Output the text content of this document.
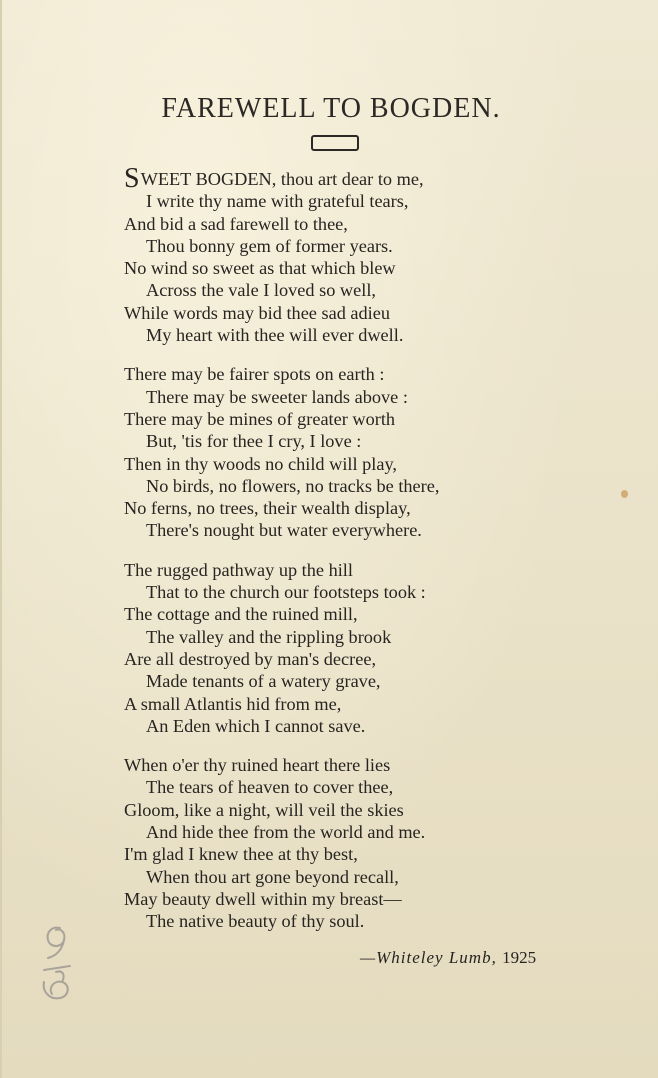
FAREWELL TO BOGDEN.
SWEET BOGDEN, thou art dear to me,
I write thy name with grateful tears,
And bid a sad farewell to thee,
Thou bonny gem of former years.
No wind so sweet as that which blew
Across the vale I loved so well,
While words may bid thee sad adieu
My heart with thee will ever dwell.
There may be fairer spots on earth :
There may be sweeter lands above :
There may be mines of greater worth
But, 'tis for thee I cry, I love :
Then in thy woods no child will play,
No birds, no flowers, no tracks be there,
No ferns, no trees, their wealth display,
There's nought but water everywhere.
The rugged pathway up the hill
That to the church our footsteps took :
The cottage and the ruined mill,
The valley and the rippling brook
Are all destroyed by man's decree,
Made tenants of a watery grave,
A small Atlantis hid from me,
An Eden which I cannot save.
When o'er thy ruined heart there lies
The tears of heaven to cover thee,
Gloom, like a night, will veil the skies
And hide thee from the world and me.
I'm glad I knew thee at thy best,
When thou art gone beyond recall,
May beauty dwell within my breast—
The native beauty of thy soul.
—Whiteley Lumb, 1925
